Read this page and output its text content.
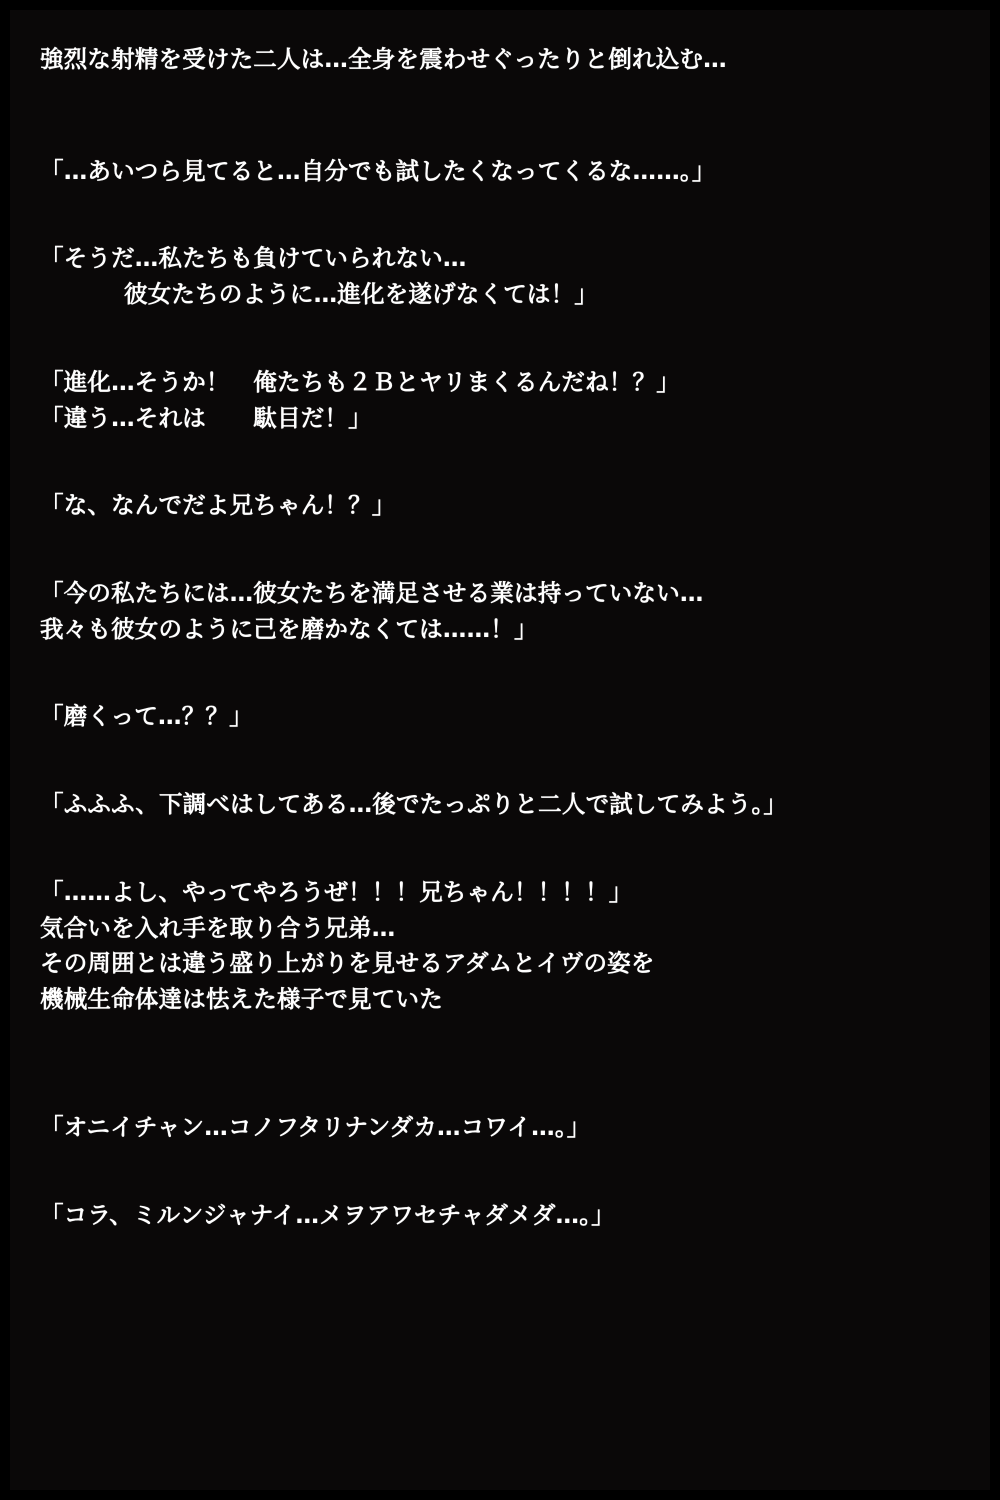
強烈な射精を受けた二人は…全身を震わせぐったりと倒れ込む…
「…あいつら見てると…自分でも試したくなってくるな……。」
「そうだ…私たちも負けていられない…
彼女たちのように…進化を遂げなくては！」
「進化…そうか！　俺たちも２Ｂとヤリまくるんだね！？」
「違う…それは　　駄目だ！」
「な、なんでだよ兄ちゃん！？」
「今の私たちには…彼女たちを満足させる業は持っていない…
我々も彼女のように己を磨かなくては……！」
「磨くって…？？」
「ふふふ、下調べはしてある…後でたっぷりと二人で試してみよう。」
「……よし、やってやろうぜ！！！兄ちゃん！！！！」
気合いを入れ手を取り合う兄弟…
その周囲とは違う盛り上がりを見せるアダムとイヴの姿を
機械生命体達は怯えた様子で見ていた
「オニイチャン…コノフタリナンダカ…コワイ…。」
「コラ、ミルンジャナイ…メヲアワセチャダメダ…。」
